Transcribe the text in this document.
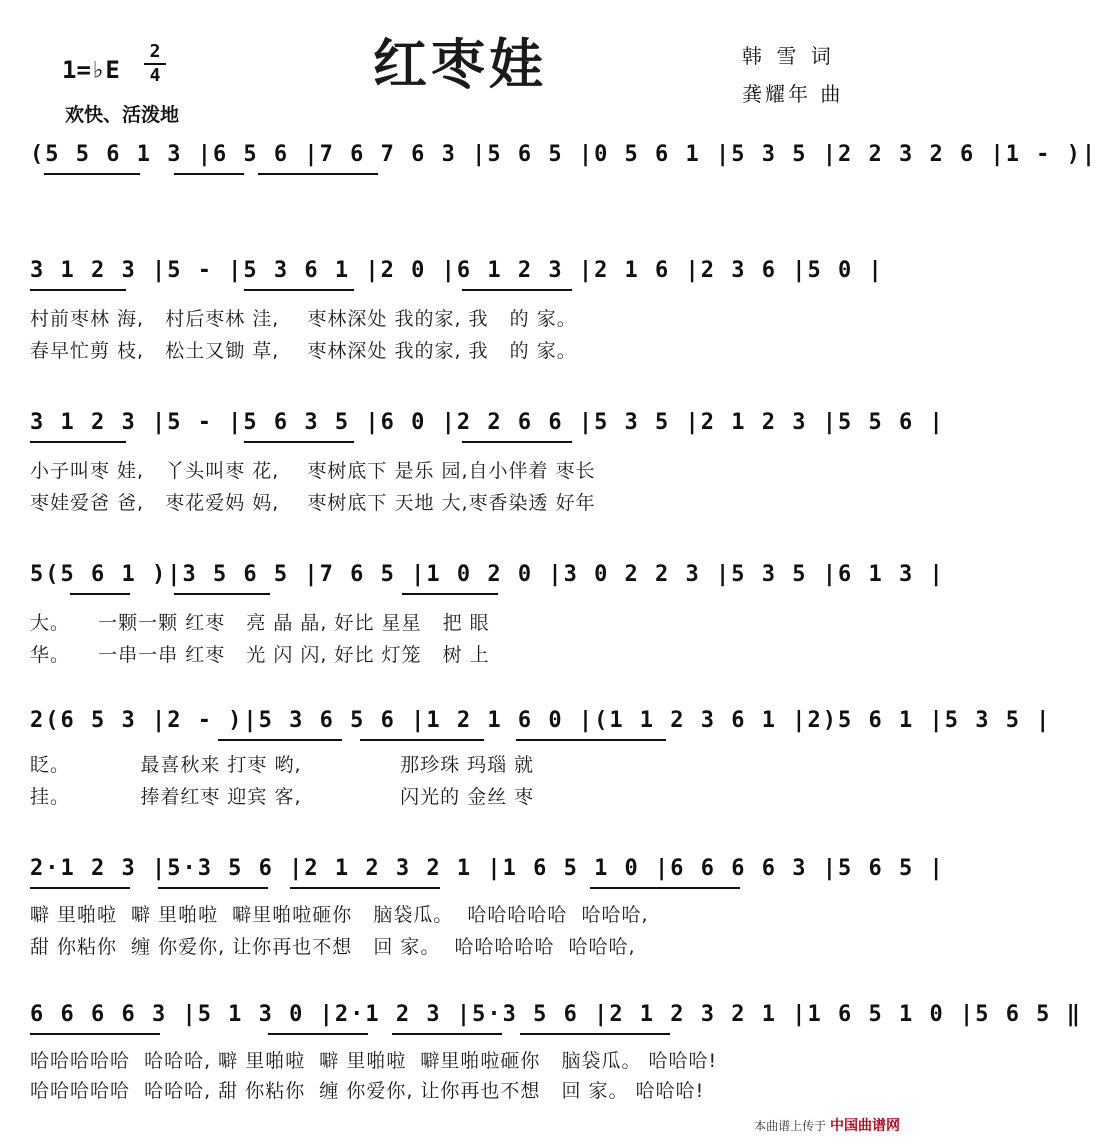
红枣娃
1=♭E
2
4
欢快、活泼地
韩 雪 词
龚耀年 曲
(5 5 6 1 3 |6 5 6 |7 6 7 6 3 |5 6 5 |0 5 6 1 |5 3 5 |2 2 3 2 6 |1 - )|
3 1 2 3 |5 - |5 3 6 1 |2 0 |6 1 2 3 |2 1 6 |2 3 6 |5 0 |
村前枣林 海,   村后枣林 洼,    枣林深处 我的家, 我   的 家。
春早忙剪 枝,   松土又锄 草,    枣林深处 我的家, 我   的 家。
3 1 2 3 |5 - |5 6 3 5 |6 0 |2 2 6 6 |5 3 5 |2 1 2 3 |5 5 6 |
小子叫枣 娃,   丫头叫枣 花,    枣树底下 是乐 园,自小伴着 枣长
枣娃爱爸 爸,   枣花爱妈 妈,    枣树底下 天地 大,枣香染透 好年
5(5 6 1 )|3 5 6 5 |7 6 5 |1 0 2 0 |3 0 2 2 3 |5 3 5 |6 1 3 |
大。    一颗一颗 红枣   亮 晶 晶, 好比 星星   把 眼
华。    一串一串 红枣   光 闪 闪, 好比 灯笼   树 上
2(6 5 3 |2 - )|5 3 6 5 6 |1 2 1 6 0 |(1 1 2 3 6 1 |2)5 6 1 |5 3 5 |
眨。          最喜秋来 打枣 哟,              那珍珠 玛瑙 就
挂。          捧着红枣 迎宾 客,              闪光的 金丝 枣
2·1 2 3 |5·3 5 6 |2 1 2 3 2 1 |1 6 5 1 0 |6 6 6 6 3 |5 6 5 |
噼 里啪啦  噼 里啪啦  噼里啪啦砸你   脑袋瓜。  哈哈哈哈哈  哈哈哈,
甜 你粘你  缠 你爱你, 让你再也不想   回 家。  哈哈哈哈哈  哈哈哈,
6 6 6 6 3 |5 1 3 0 |2·1 2 3 |5·3 5 6 |2 1 2 3 2 1 |1 6 5 1 0 |5 6 5 ‖
哈哈哈哈哈  哈哈哈, 噼 里啪啦  噼 里啪啦  噼里啪啦砸你   脑袋瓜。 哈哈哈!
哈哈哈哈哈  哈哈哈, 甜 你粘你  缠 你爱你, 让你再也不想   回 家。 哈哈哈!
本曲谱上传于 中国曲谱网
